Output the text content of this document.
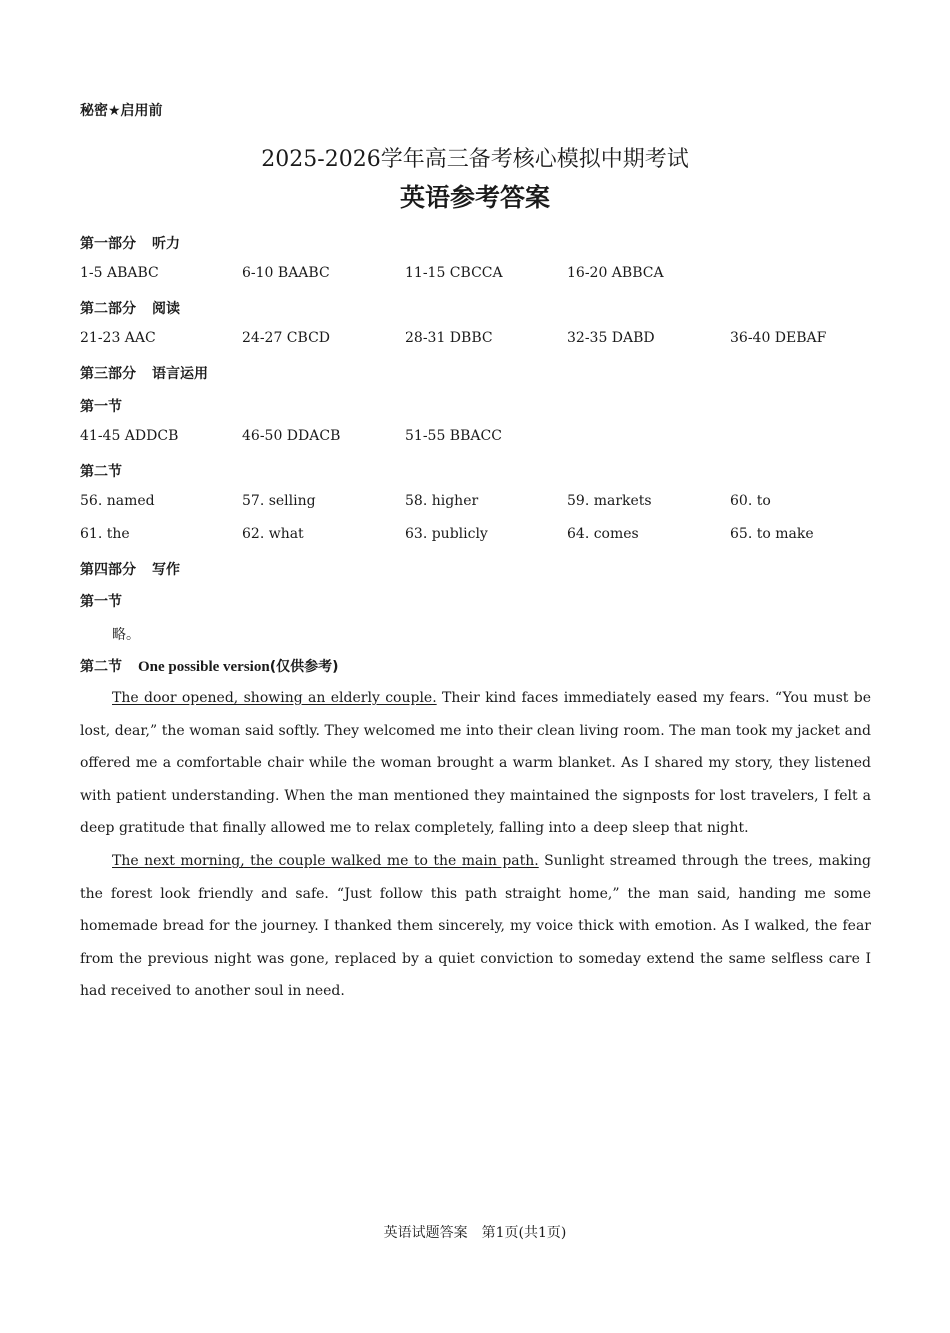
秘密★启用前
2025-2026学年高三备考核心模拟中期考试
英语参考答案
第一部分 听力
1-5 ABABC	6-10 BAABC	11-15 CBCCA	16-20 ABBCA
第二部分 阅读
21-23 AAC	24-27 CBCD	28-31 DBBC	32-35 DABD	36-40 DEBAF
第三部分 语言运用
第一节
41-45 ADDCB	46-50 DDACB	51-55 BBACC
第二节
56. named	57. selling	58. higher	59. markets	60. to
61. the	62. what	63. publicly	64. comes	65. to make
第四部分 写作
第一节
略。
第二节 One possible version(仅供参考)
The door opened, showing an elderly couple. Their kind faces immediately eased my fears. “You must be lost, dear,” the woman said softly. They welcomed me into their clean living room. The man took my jacket and offered me a comfortable chair while the woman brought a warm blanket. As I shared my story, they listened with patient understanding. When the man mentioned they maintained the signposts for lost travelers, I felt a deep gratitude that finally allowed me to relax completely, falling into a deep sleep that night.
The next morning, the couple walked me to the main path. Sunlight streamed through the trees, making the forest look friendly and safe. “Just follow this path straight home,” the man said, handing me some homemade bread for the journey. I thanked them sincerely, my voice thick with emotion. As I walked, the fear from the previous night was gone, replaced by a quiet conviction to someday extend the same selfless care I had received to another soul in need.
英语试题答案　第1页(共1页)
